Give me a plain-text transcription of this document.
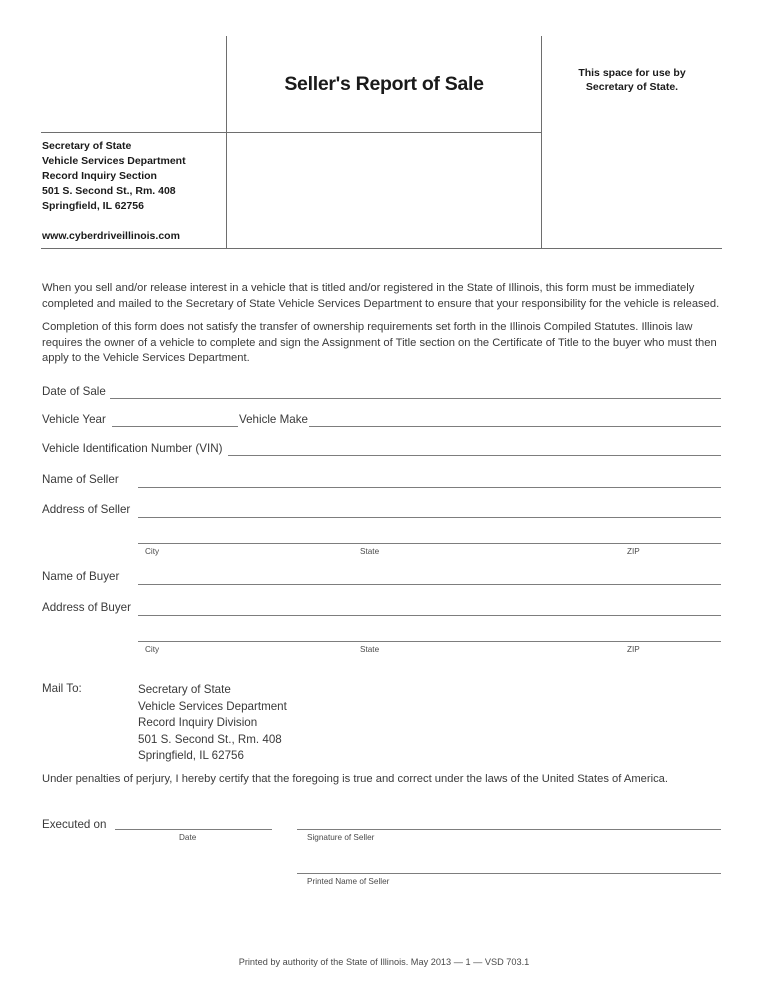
Seller's Report of Sale	This space for use by
Secretary of State.
Secretary of State
Vehicle Services Department
Record Inquiry Section
501 S. Second St., Rm. 408
Springfield, IL 62756
www.cyberdriveillinois.com
When you sell and/or release interest in a vehicle that is titled and/or registered in the State of Illinois, this form must be immediately completed and mailed to the Secretary of State Vehicle Services Department to ensure that your responsibility for the vehicle is released.
Completion of this form does not satisfy the transfer of ownership requirements set forth in the Illinois Compiled Statutes. Illinois law requires the owner of a vehicle to complete and sign the Assignment of Title section on the Certificate of Title to the buyer who must then apply to the Vehicle Services Department.
Date of Sale
Vehicle Year	Vehicle Make
Vehicle Identification Number (VIN)
Name of Seller
Address of Seller
City	State	ZIP
Name of Buyer
Address of Buyer
City	State	ZIP
Mail To:	Secretary of State
Vehicle Services Department
Record Inquiry Division
501 S. Second St., Rm. 408
Springfield, IL 62756
Under penalties of perjury, I hereby certify that the foregoing is true and correct under the laws of the United States of America.
Executed on
Date	Signature of Seller
Printed Name of Seller
Printed by authority of the State of Illinois. May 2013 — 1 — VSD 703.1
